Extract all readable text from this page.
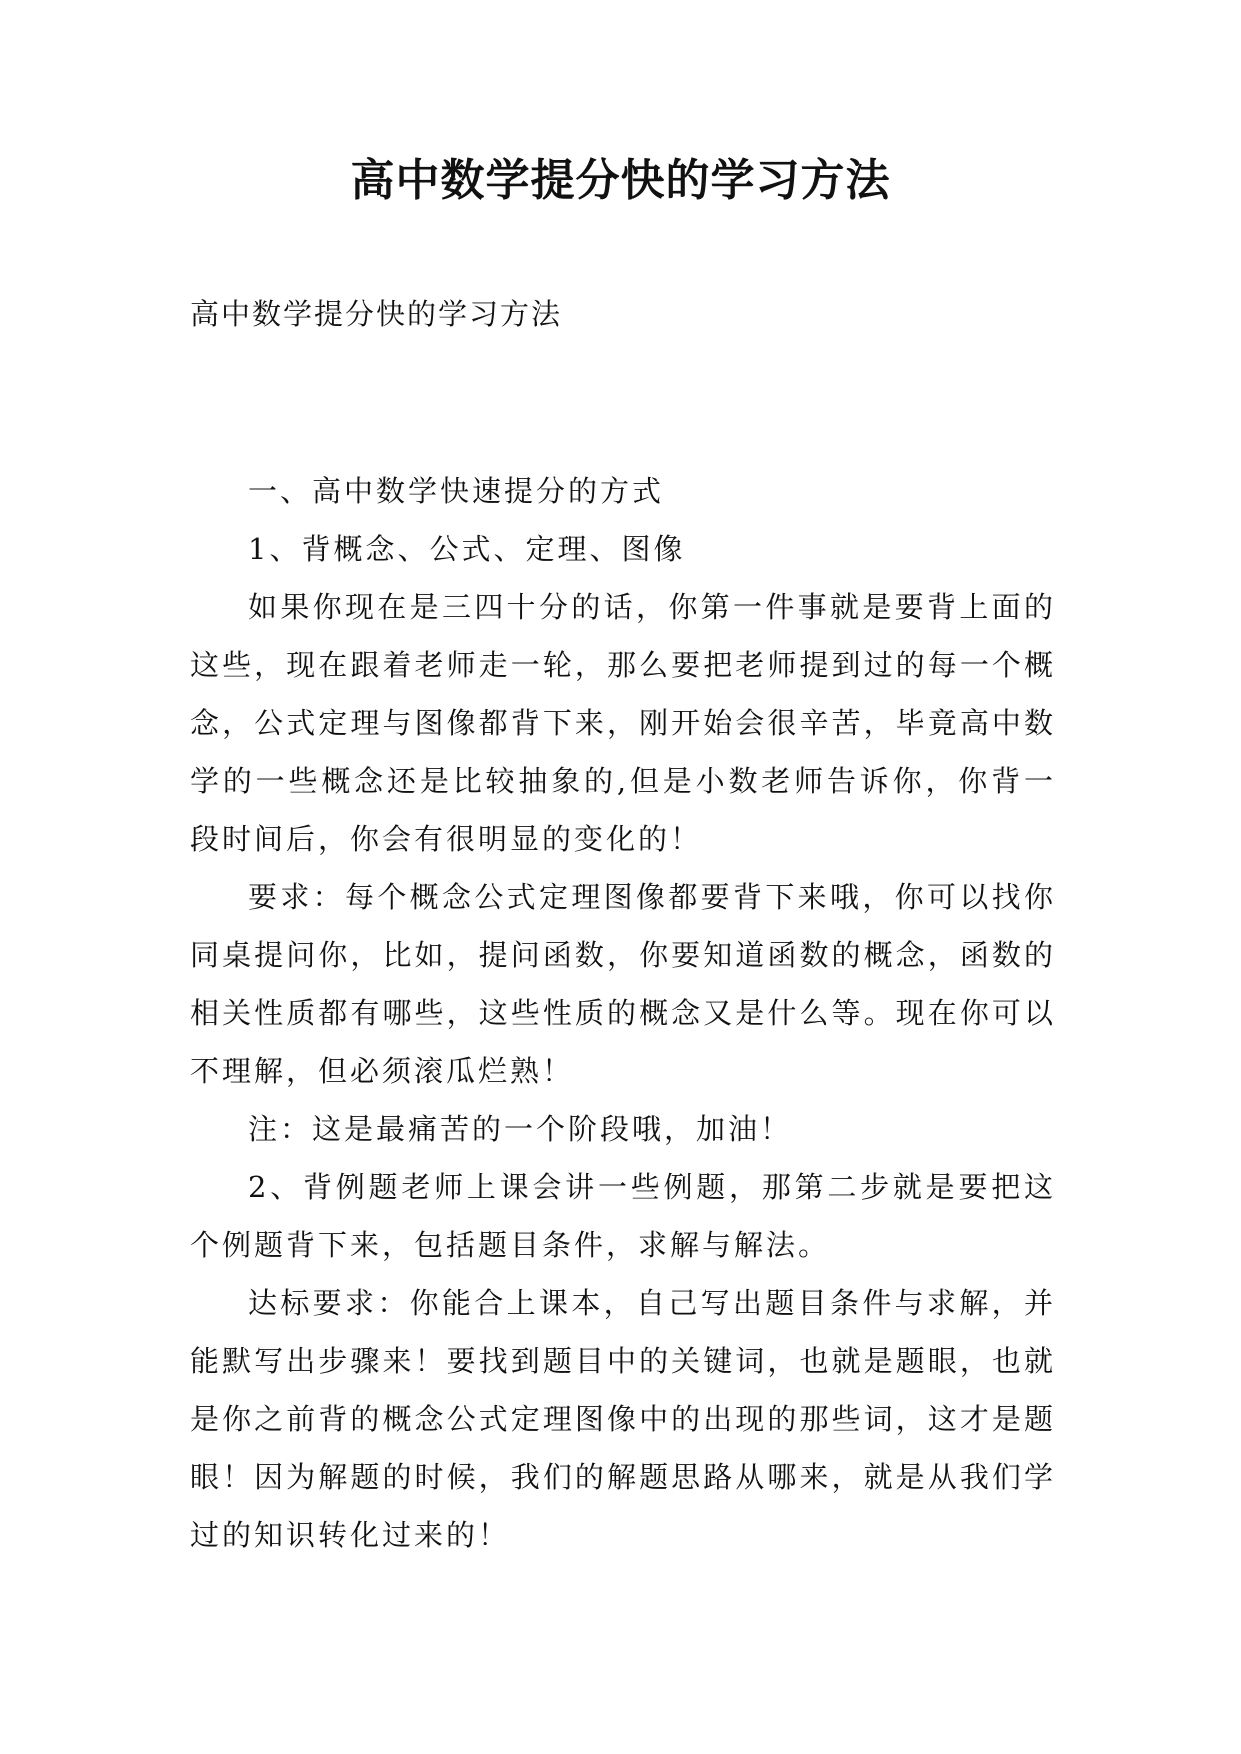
高中数学提分快的学习方法
高中数学提分快的学习方法

一、高中数学快速提分的方式

1、背概念、公式、定理、图像

如果你现在是三四十分的话，你第一件事就是要背上面的这些，现在跟着老师走一轮，那么要把老师提到过的每一个概念，公式定理与图像都背下来，刚开始会很辛苦，毕竟高中数学的一些概念还是比较抽象的,但是小数老师告诉你，你背一段时间后，你会有很明显的变化的！

要求：每个概念公式定理图像都要背下来哦，你可以找你同桌提问你，比如，提问函数，你要知道函数的概念，函数的相关性质都有哪些，这些性质的概念又是什么等。现在你可以不理解，但必须滚瓜烂熟！

注：这是最痛苦的一个阶段哦，加油！

2、背例题老师上课会讲一些例题，那第二步就是要把这个例题背下来，包括题目条件，求解与解法。

达标要求：你能合上课本，自己写出题目条件与求解，并能默写出步骤来！要找到题目中的关键词，也就是题眼，也就是你之前背的概念公式定理图像中的出现的那些词，这才是题眼！因为解题的时候，我们的解题思路从哪来，就是从我们学过的知识转化过来的！
